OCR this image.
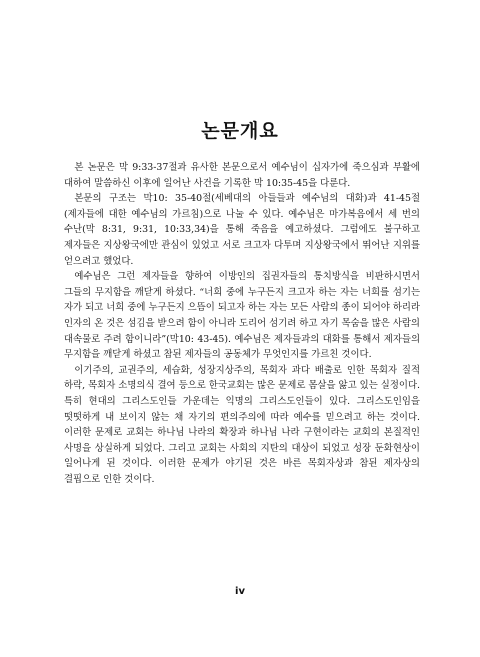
논문개요

본 논문은 막 9:33-37절과 유사한 본문으로서 예수님이 십자가에 죽으심과 부활에 대하여 말씀하신 이후에 일어난 사건을 기록한 막 10:35-45을 다룬다.

본문의 구조는 막10: 35-40절(세베대의 아들들과 예수님의 대화)과 41-45절(제자들에 대한 예수님의 가르침)으로 나눌 수 있다. 예수님은 마가복음에서 세 번의 수난(막 8:31, 9:31, 10:33,34)을 통해 죽음을 예고하셨다. 그럼에도 불구하고 제자들은 지상왕국에만 관심이 있었고 서로 크고자 다투며 지상왕국에서 뛰어난 지위를 얻으려고 했었다.

예수님은 그런 제자들을 향하여 이방인의 집권자들의 통치방식을 비판하시면서 그들의 무지함을 깨닫게 하셨다. “너희 중에 누구든지 크고자 하는 자는 너희를 섬기는 자가 되고 너희 중에 누구든지 으뜸이 되고자 하는 자는 모든 사람의 종이 되어야 하리라 인자의 온 것은 섬김을 받으려 함이 아니라 도리어 섬기려 하고 자기 목숨을 많은 사람의 대속물로 주려 함이니라”(막10: 43-45). 예수님은 제자들과의 대화를 통해서 제자들의 무지함을 깨닫게 하셨고 참된 제자들의 공동체가 무엇인지를 가르친 것이다.

이기주의, 교권주의, 세습화, 성장지상주의, 목회자 과다 배출로 인한 목회자 질적 하락, 목회자 소명의식 결여 등으로 한국교회는 많은 문제로 몸살을 앓고 있는 실정이다. 특히 현대의 그리스도인들 가운데는 익명의 그리스도인들이 있다. 그리스도인임을 떳떳하게 내 보이지 않는 채 자기의 편의주의에 따라 예수를 믿으려고 하는 것이다. 이러한 문제로 교회는 하나님 나라의 확장과 하나님 나라 구현이라는 교회의 본질적인 사명을 상실하게 되었다. 그리고 교회는 사회의 지탄의 대상이 되었고 성장 둔화현상이 일어나게 된 것이다. 이러한 문제가 야기된 것은 바른 목회자상과 참된 제자상의 결핍으로 인한 것이다.

iv
